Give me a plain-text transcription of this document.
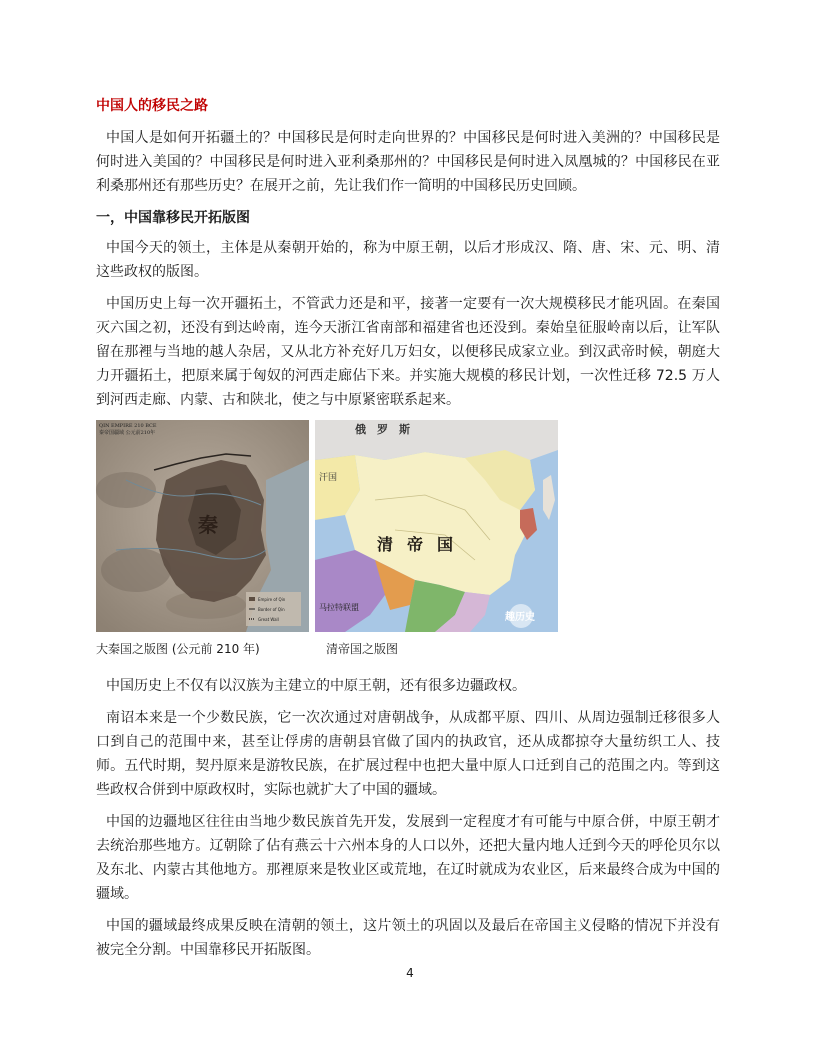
中国人的移民之路

中国人是如何开拓疆土的？中国移民是何时走向世界的？中国移民是何时进入美洲的？中国移民是何时进入美国的？中国移民是何时进入亚利桑那州的？中国移民是何时进入凤凰城的？中国移民在亚利桑那州还有那些历史？在展开之前，先让我们作一简明的中国移民历史回顾。

一，中国靠移民开拓版图

中国今天的领土，主体是从秦朝开始的，称为中原王朝，以后才形成汉、隋、唐、宋、元、明、清这些政权的版图。

中国历史上每一次开疆拓土，不管武力还是和平，接著一定要有一次大规模移民才能巩固。在秦国灭六国之初，还没有到达岭南，连今天浙江省南部和福建省也还没到。秦始皇征服岭南以后，让军队留在那裡与当地的越人杂居，又从北方补充好几万妇女，以便移民成家立业。到汉武帝时候，朝庭大力开疆拓土，把原来属于匈奴的河西走廊佔下来。并实施大规模的移民计划，一次性迁移 72.5 万人到河西走廊、内蒙、古和陕北，使之与中原紧密联系起来。

QIN EMPIRE 210 BCE
秦帝国疆域 公元前210年
秦
Empire of Qin
Border of Qin
Great Wall
清帝国
俄　罗　斯
汗国
马拉特联盟
趣历史
大秦国之版图 (公元前 210 年)	清帝国之版图

中国历史上不仅有以汉族为主建立的中原王朝，还有很多边疆政权。

南诏本来是一个少数民族，它一次次通过对唐朝战争，从成都平原、四川、从周边强制迁移很多人口到自己的范围中来，甚至让俘虏的唐朝县官做了国内的执政官，还从成都掠夺大量纺织工人、技师。五代时期，契丹原来是游牧民族，在扩展过程中也把大量中原人口迁到自己的范围之内。等到这些政权合併到中原政权时，实际也就扩大了中国的疆域。

中国的边疆地区往往由当地少数民族首先开发，发展到一定程度才有可能与中原合併，中原王朝才去统治那些地方。辽朝除了佔有燕云十六州本身的人口以外，还把大量内地人迁到今天的呼伦贝尔以及东北、内蒙古其他地方。那裡原来是牧业区或荒地，在辽时就成为农业区，后来最终合成为中国的疆域。

中国的疆域最终成果反映在清朝的领土，这片领土的巩固以及最后在帝国主义侵略的情况下并没有被完全分割。中国靠移民开拓版图。

4
